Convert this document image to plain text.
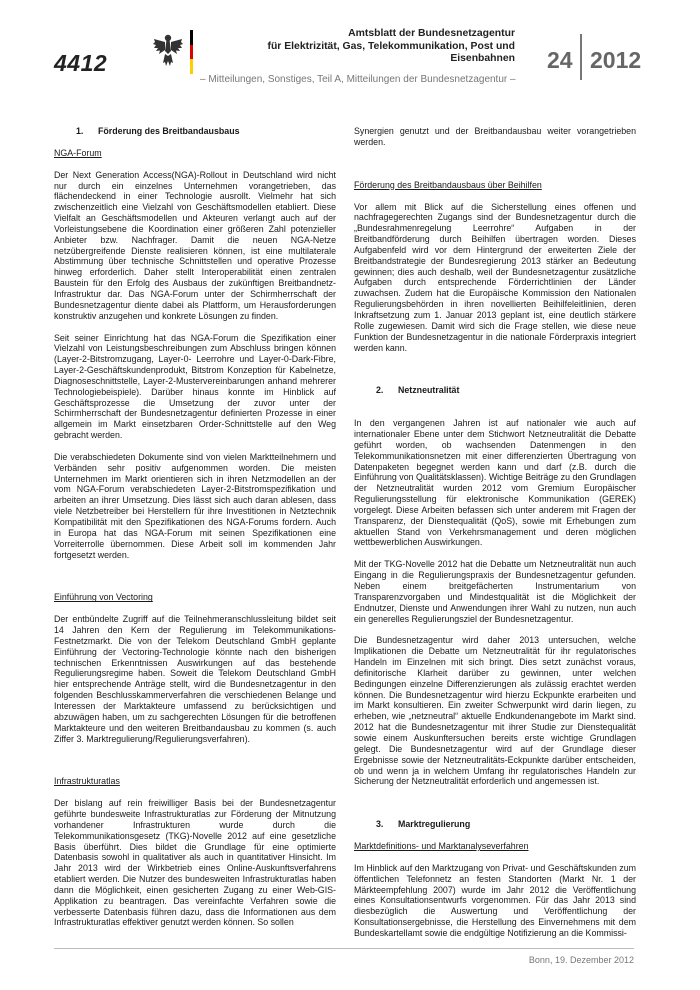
4412
Amtsblatt der Bundesnetzagentur
für Elektrizität, Gas, Telekommunikation, Post und Eisenbahnen
– Mitteilungen, Sonstiges, Teil A, Mitteilungen der Bundesnetzagentur –
24 2012
1. Förderung des Breitbandausbaus

NGA-Forum

Der Next Generation Access(NGA)-Rollout in Deutschland wird nicht nur durch ein einzelnes Unternehmen vorangetrieben, das flächendeckend in einer Technologie ausrollt. Vielmehr hat sich zwischenzeitlich eine Vielzahl von Geschäftsmodellen etabliert. Diese Vielfalt an Geschäftsmodellen und Akteuren verlangt auch auf der Vorleistungsebene die Koordination einer größeren Zahl potenzieller Anbieter bzw. Nachfrager. Damit die neuen NGA-Netze netzübergreifende Dienste realisieren können, ist eine multilaterale Abstimmung über technische Schnittstellen und operative Prozesse hinweg erforderlich. Daher stellt Interoperabilität einen zentralen Baustein für den Erfolg des Ausbaus der zukünftigen Breitbandnetz-Infrastruktur dar. Das NGA-Forum unter der Schirmherrschaft der Bundesnetzagentur diente dabei als Plattform, um Herausforderungen konstruktiv anzugehen und konkrete Lösungen zu finden.

Seit seiner Einrichtung hat das NGA-Forum die Spezifikation einer Vielzahl von Leistungsbeschreibungen zum Abschluss bringen können (Layer-2-Bitstromzugang, Layer-0- Leerrohre und Layer-0-Dark-Fibre, Layer-2-Geschäftskundenprodukt, Bitstrom Konzeption für Kabelnetze, Diagnoseschnittstelle, Layer-2-Mustervereinbarungen anhand mehrerer Technologiebeispiele). Darüber hinaus konnte im Hinblick auf Geschäftsprozesse die Umsetzung der zuvor unter der Schirmherrschaft der Bundesnetzagentur definierten Prozesse in einer allgemein im Markt einsetzbaren Order-Schnittstelle auf den Weg gebracht werden.

Die verabschiedeten Dokumente sind von vielen Marktteilnehmern und Verbänden sehr positiv aufgenommen worden. Die meisten Unternehmen im Markt orientieren sich in ihren Netzmodellen an der vom NGA-Forum verabschiedeten Layer-2-Bitstromspezifikation und arbeiten an ihrer Umsetzung. Dies lässt sich auch daran ablesen, dass viele Netzbetreiber bei Herstellern für ihre Investitionen in Netztechnik Kompatibilität mit den Spezifikationen des NGA-Forums fordern. Auch in Europa hat das NGA-Forum mit seinen Spezifikationen eine Vorreiterrolle übernommen. Diese Arbeit soll im kommenden Jahr fortgesetzt werden.

Einführung von Vectoring

Der entbündelte Zugriff auf die Teilnehmeranschlussleitung bildet seit 14 Jahren den Kern der Regulierung im Telekommunikations-Festnetzmarkt. Die von der Telekom Deutschland GmbH geplante Einführung der Vectoring-Technologie könnte nach den bisherigen technischen Erkenntnissen Auswirkungen auf das bestehende Regulierungsregime haben. Soweit die Telekom Deutschland GmbH hier entsprechende Anträge stellt, wird die Bundesnetzagentur in den folgenden Beschlusskammerverfahren die verschiedenen Belange und Interessen der Marktakteure umfassend zu berücksichtigen und abzuwägen haben, um zu sachgerechten Lösungen für die betroffenen Marktakteure und den weiteren Breitbandausbau zu kommen (s. auch Ziffer 3. Marktregulierung/Regulierungsverfahren).

Infrastrukturatlas

Der bislang auf rein freiwilliger Basis bei der Bundesnetzagentur geführte bundesweite Infrastrukturatlas zur Förderung der Mitnutzung vorhandener Infrastrukturen wurde durch die Telekommunikationsgesetz (TKG)-Novelle 2012 auf eine gesetzliche Basis überführt. Dies bildet die Grundlage für eine optimierte Datenbasis sowohl in qualitativer als auch in quantitativer Hinsicht. Im Jahr 2013 wird der Wirkbetrieb eines Online-Auskunftsverfahrens etabliert werden. Die Nutzer des bundesweiten Infrastrukturatlas haben dann die Möglichkeit, einen gesicherten Zugang zu einer Web-GIS-Applikation zu beantragen. Das vereinfachte Verfahren sowie die verbesserte Datenbasis führen dazu, dass die Informationen aus dem Infrastrukturatlas effektiver genutzt werden können. So sollen

Synergien genutzt und der Breitbandausbau weiter vorangetrieben werden.

Förderung des Breitbandausbaus über Beihilfen

Vor allem mit Blick auf die Sicherstellung eines offenen und nachfragegerechten Zugangs sind der Bundesnetzagentur durch die „Bundesrahmenregelung Leerrohre“ Aufgaben in der Breitbandförderung durch Beihilfen übertragen worden. Dieses Aufgabenfeld wird vor dem Hintergrund der erweiterten Ziele der Breitbandstrategie der Bundesregierung 2013 stärker an Bedeutung gewinnen; dies auch deshalb, weil der Bundesnetzagentur zusätzliche Aufgaben durch entsprechende Förderrichtlinien der Länder zuwachsen. Zudem hat die Europäische Kommission den Nationalen Regulierungsbehörden in ihren novellierten Beihilfeleitlinien, deren Inkraftsetzung zum 1. Januar 2013 geplant ist, eine deutlich stärkere Rolle zugewiesen. Damit wird sich die Frage stellen, wie diese neue Funktion der Bundesnetzagentur in die nationale Förderpraxis integriert werden kann.

2. Netzneutralität

In den vergangenen Jahren ist auf nationaler wie auch auf internationaler Ebene unter dem Stichwort Netzneutralität die Debatte geführt worden, ob wachsenden Datenmengen in den Telekommunikationsnetzen mit einer differenzierten Übertragung von Datenpaketen begegnet werden kann und darf (z.B. durch die Einführung von Qualitätsklassen). Wichtige Beiträge zu den Grundlagen der Netzneutralität wurden 2012 vom Gremium Europäischer Regulierungsstellung für elektronische Kommunikation (GEREK) vorgelegt. Diese Arbeiten befassen sich unter anderem mit Fragen der Transparenz, der Dienstequalität (QoS), sowie mit Erhebungen zum aktuellen Stand von Verkehrsmanagement und deren möglichen wettbewerblichen Auswirkungen.

Mit der TKG-Novelle 2012 hat die Debatte um Netzneutralität nun auch Eingang in die Regulierungspraxis der Bundesnetzagentur gefunden. Neben einem breitgefächerten Instrumentarium von Transparenzvorgaben und Mindestqualität ist die Möglichkeit der Endnutzer, Dienste und Anwendungen ihrer Wahl zu nutzen, nun auch ein generelles Regulierungsziel der Bundesnetzagentur.

Die Bundesnetzagentur wird daher 2013 untersuchen, welche Implikationen die Debatte um Netzneutralität für ihr regulatorisches Handeln im Einzelnen mit sich bringt. Dies setzt zunächst voraus, definitorische Klarheit darüber zu gewinnen, unter welchen Bedingungen einzelne Differenzierungen als zulässig erachtet werden können. Die Bundesnetzagentur wird hierzu Eckpunkte erarbeiten und im Markt konsultieren. Ein zweiter Schwerpunkt wird darin liegen, zu erheben, wie „netzneutral“ aktuelle Endkundenangebote im Markt sind. 2012 hat die Bundesnetzagentur mit ihrer Studie zur Dienstequalität sowie einem Auskunftersuchen bereits erste wichtige Grundlagen gelegt. Die Bundesnetzagentur wird auf der Grundlage dieser Ergebnisse sowie der Netzneutralitäts-Eckpunkte darüber entscheiden, ob und wenn ja in welchem Umfang ihr regulatorisches Handeln zur Sicherung der Netzneutralität erforderlich und angemessen ist.

3. Marktregulierung

Marktdefinitions- und Marktanalyseverfahren

Im Hinblick auf den Marktzugang von Privat- und Geschäftskunden zum öffentlichen Telefonnetz an festen Standorten (Markt Nr. 1 der Märkteempfehlung 2007) wurde im Jahr 2012 die Veröffentlichung eines Konsultationsentwurfs vorgenommen. Für das Jahr 2013 sind diesbezüglich die Auswertung und Veröffentlichung der Konsultationsergebnisse, die Herstellung des Einvernehmens mit dem Bundeskartellamt sowie die endgültige Notifizierung an die Kommissi-

Bonn, 19. Dezember 2012
